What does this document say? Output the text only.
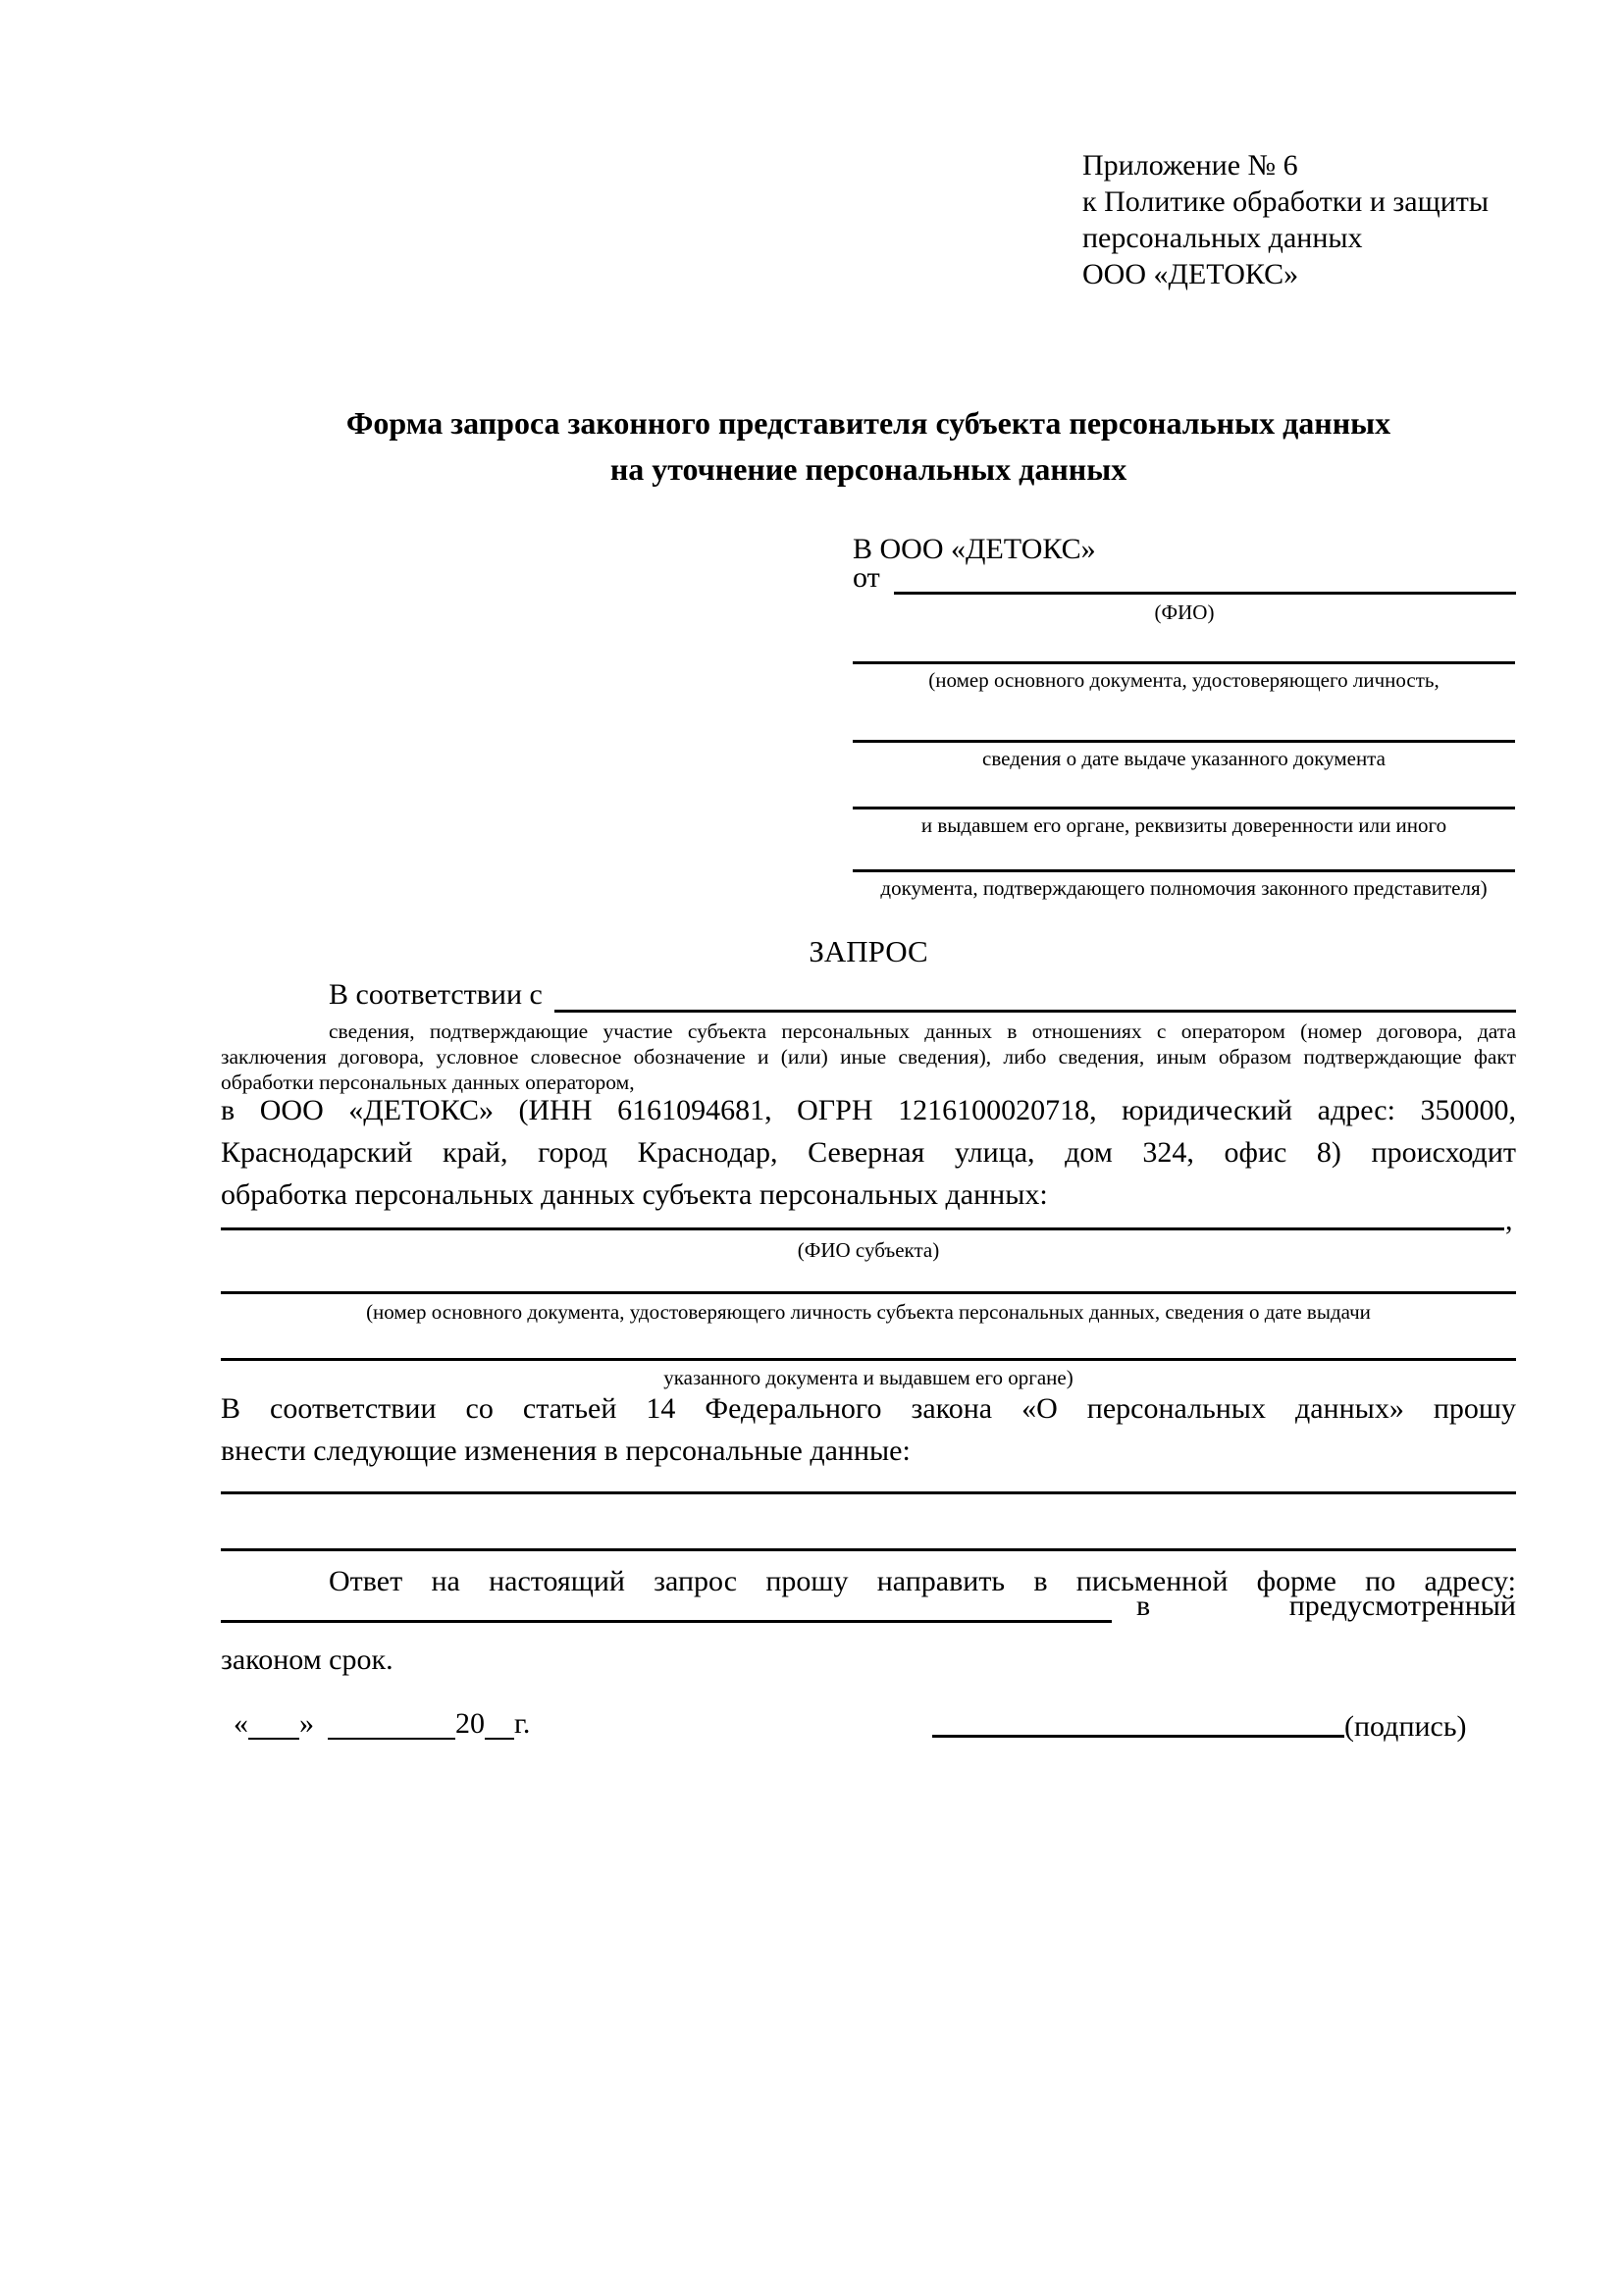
Приложение № 6
к Политике обработки и защиты
персональных данных
ООО «ДЕТОКС»
Форма запроса законного представителя субъекта персональных данных
на уточнение персональных данных
В ООО «ДЕТОКС»
от
(ФИО)
(номер основного документа, удостоверяющего личность,
сведения о дате выдаче указанного документа
и выдавшем его органе, реквизиты доверенности или иного
документа, подтверждающего полномочия законного представителя)
ЗАПРОС
В соответствии с
сведения, подтверждающие участие субъекта персональных данных в отношениях с оператором (номер договора, дата
заключения договора, условное словесное обозначение и (или) иные сведения), либо сведения, иным образом подтверждающие факт
обработки персональных данных оператором,
в ООО «ДЕТОКС» (ИНН 6161094681, ОГРН 1216100020718, юридический адрес: 350000,
Краснодарский край, город Краснодар, Северная улица, дом 324, офис 8) происходит
обработка персональных данных субъекта персональных данных:
,
(ФИО субъекта)
(номер основного документа, удостоверяющего личность субъекта персональных данных, сведения о дате выдачи
указанного документа и выдавшем его органе)
В соответствии со статьей 14 Федерального закона «О персональных данных» прошу
внести следующие изменения в персональные данные:
Ответ на настоящий запрос прошу направить в письменной форме по адресу:
в	предусмотренный
законом срок.
« »	20 г.	(подпись)
